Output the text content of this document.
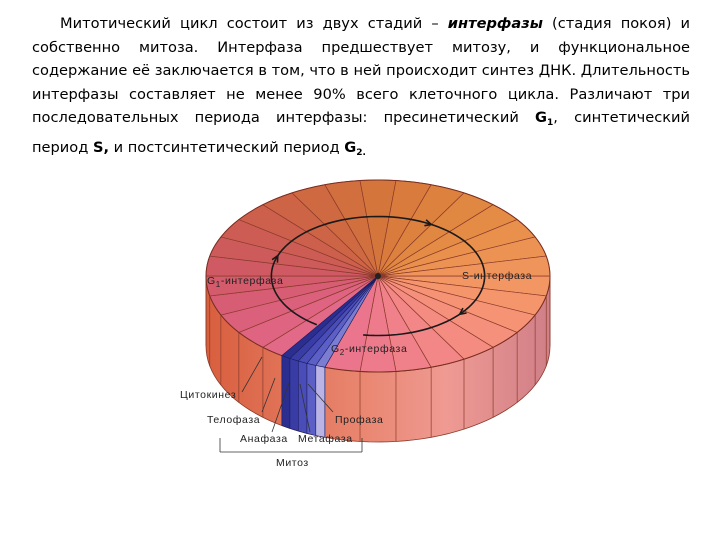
Митотический цикл состоит из двух стадий – интерфазы (стадия покоя) и собственно митоза. Интерфаза предшествует митозу, и функциональное содержание её заключается в том, что в ней происходит синтез ДНК. Длительность интерфазы составляет не менее 90% всего клеточного цикла. Различают три последовательных периода интерфазы: пресинетический $G_1$, синтетический период S, и постсинтетический период $G_{2.}$

$G_1$-интерфаза	S-интерфаза
$G_2$-интерфаза
Цитокинез
Телофаза	Профаза
Анафаза Метафаза
Митоз
